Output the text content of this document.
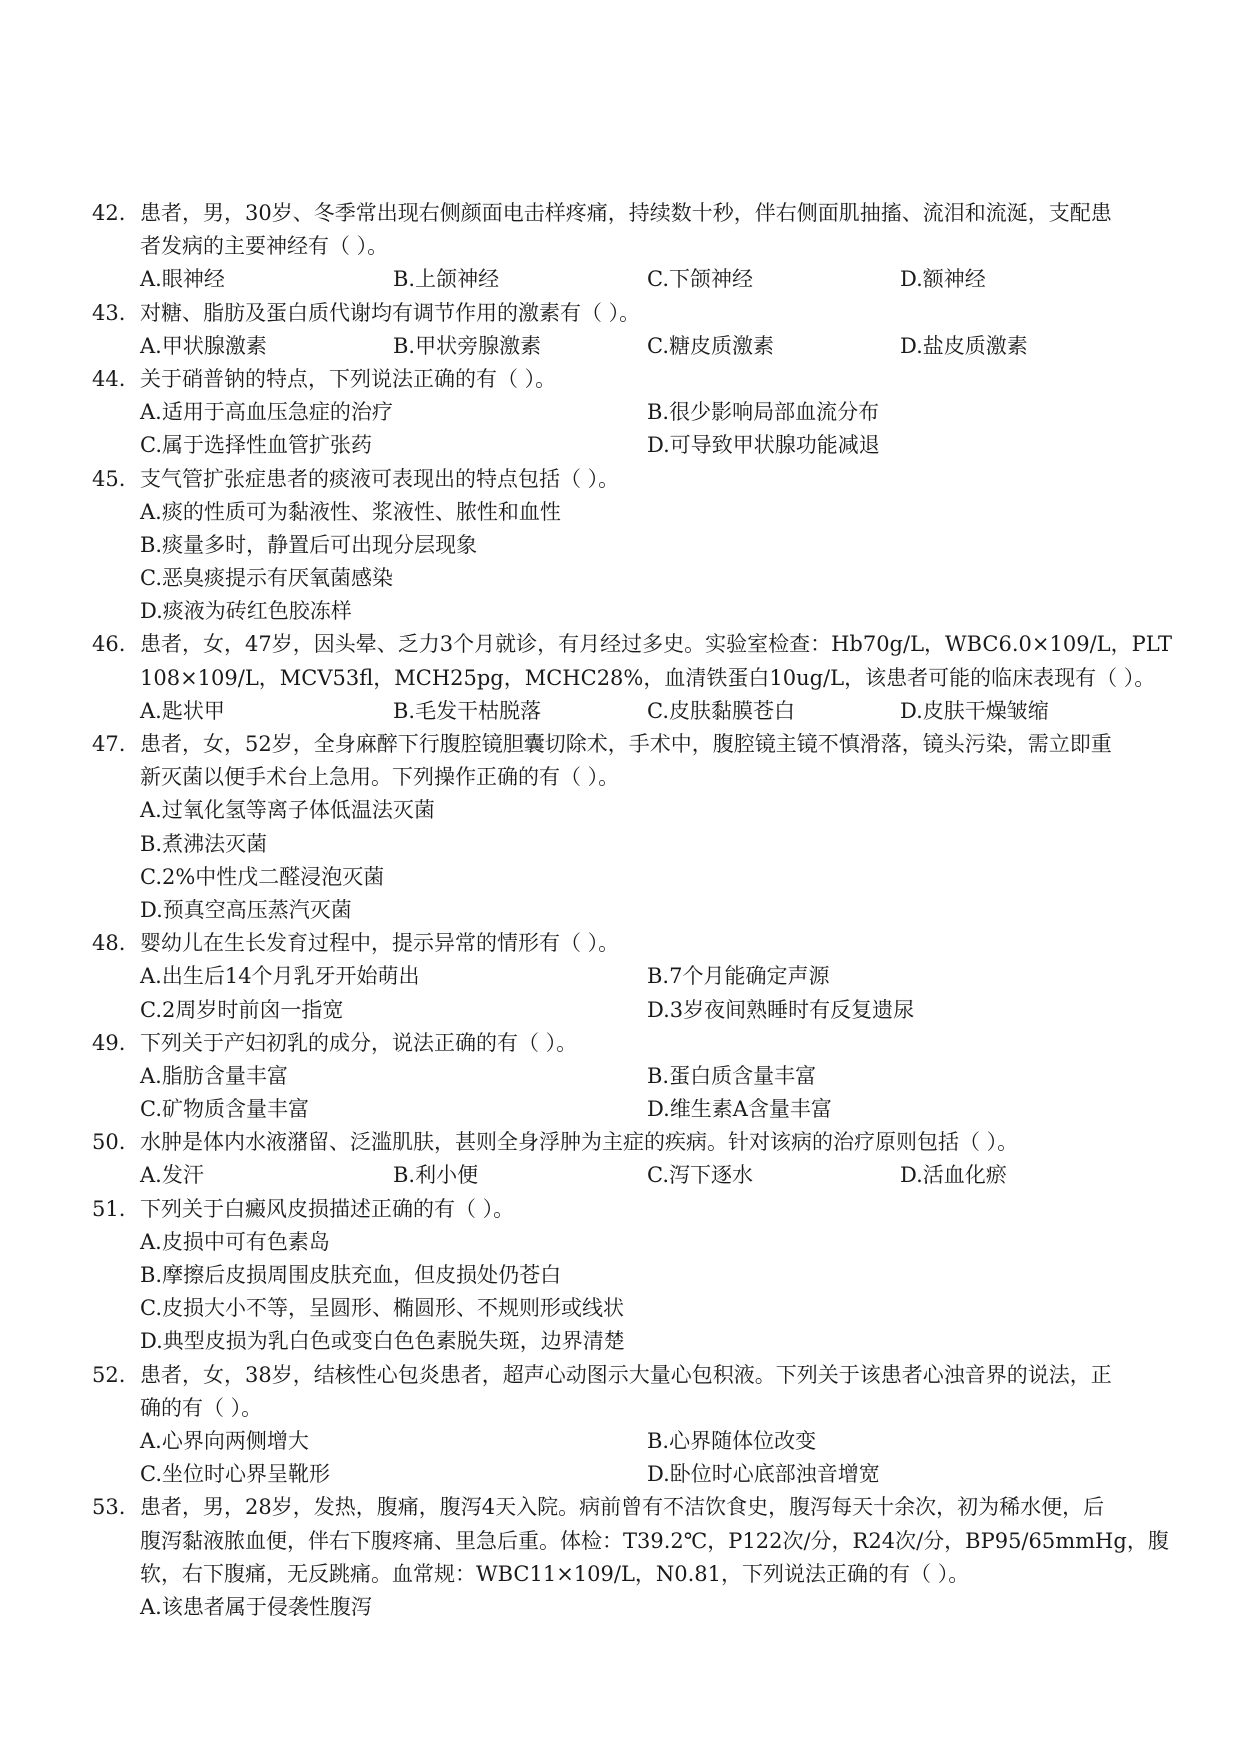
42. 患者，男，30岁、冬季常出现右侧颜面电击样疼痛，持续数十秒，伴右侧面肌抽搐、流泪和流涎，支配患
者发病的主要神经有（ ）。
A.眼神经	B.上颌神经	C.下颌神经	D.额神经
43. 对糖、脂肪及蛋白质代谢均有调节作用的激素有（ ）。
A.甲状腺激素	B.甲状旁腺激素	C.糖皮质激素	D.盐皮质激素
44. 关于硝普钠的特点，下列说法正确的有（ ）。
A.适用于高血压急症的治疗	B.很少影响局部血流分布
C.属于选择性血管扩张药	D.可导致甲状腺功能减退
45. 支气管扩张症患者的痰液可表现出的特点包括（ ）。
A.痰的性质可为黏液性、浆液性、脓性和血性
B.痰量多时，静置后可出现分层现象
C.恶臭痰提示有厌氧菌感染
D.痰液为砖红色胶冻样
46. 患者，女，47岁，因头晕、乏力3个月就诊，有月经过多史。实验室检查：Hb70g/L，WBC6.0×109/L，PLT
108×109/L，MCV53fl，MCH25pg，MCHC28%，血清铁蛋白10ug/L，该患者可能的临床表现有（ ）。
A.匙状甲	B.毛发干枯脱落	C.皮肤黏膜苍白	D.皮肤干燥皱缩
47. 患者，女，52岁，全身麻醉下行腹腔镜胆囊切除术，手术中，腹腔镜主镜不慎滑落，镜头污染，需立即重
新灭菌以便手术台上急用。下列操作正确的有（ ）。
A.过氧化氢等离子体低温法灭菌
B.煮沸法灭菌
C.2%中性戊二醛浸泡灭菌
D.预真空高压蒸汽灭菌
48. 婴幼儿在生长发育过程中，提示异常的情形有（ ）。
A.出生后14个月乳牙开始萌出	B.7个月能确定声源
C.2周岁时前囟一指宽	D.3岁夜间熟睡时有反复遗尿
49. 下列关于产妇初乳的成分，说法正确的有（ ）。
A.脂肪含量丰富	B.蛋白质含量丰富
C.矿物质含量丰富	D.维生素A含量丰富
50. 水肿是体内水液潴留、泛滥肌肤，甚则全身浮肿为主症的疾病。针对该病的治疗原则包括（ ）。
A.发汗	B.利小便	C.泻下逐水	D.活血化瘀
51. 下列关于白癜风皮损描述正确的有（ ）。
A.皮损中可有色素岛
B.摩擦后皮损周围皮肤充血，但皮损处仍苍白
C.皮损大小不等，呈圆形、椭圆形、不规则形或线状
D.典型皮损为乳白色或变白色色素脱失斑，边界清楚
52. 患者，女，38岁，结核性心包炎患者，超声心动图示大量心包积液。下列关于该患者心浊音界的说法，正
确的有（ ）。
A.心界向两侧增大	B.心界随体位改变
C.坐位时心界呈靴形	D.卧位时心底部浊音增宽
53. 患者，男，28岁，发热，腹痛，腹泻4天入院。病前曾有不洁饮食史，腹泻每天十余次，初为稀水便，后
腹泻黏液脓血便，伴右下腹疼痛、里急后重。体检：T39.2℃，P122次/分，R24次/分，BP95/65mmHg，腹
软，右下腹痛，无反跳痛。血常规：WBC11×109/L，N0.81，下列说法正确的有（ ）。
A.该患者属于侵袭性腹泻
